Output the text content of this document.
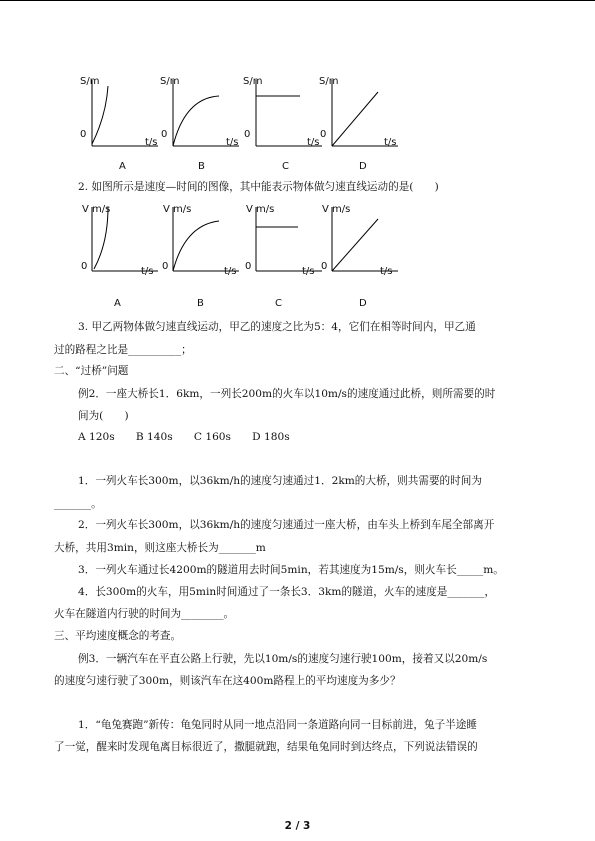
S/m	S/m	S/m	S/m
0	0	0	0
t/s	t/s	t/s	t/s
A	B	C	D
2. 如图所示是速度—时间的图像，其中能表示物体做匀速直线运动的是(　　)
V m/s	V m/s	V m/s	V m/s
0	0	0	0
t/s	t/s	t/s	t/s
A	B	C	D
3. 甲乙两物体做匀速直线运动，甲乙的速度之比为5：4，它们在相等时间内，甲乙通
过的路程之比是__________；
二、“过桥”问题
例2．一座大桥长1．6km，一列长200m的火车以10m/s的速度通过此桥，则所需要的时
间为(　　)
A 120s　　B 140s　　C 160s　　D 180s
1．一列火车长300m，以36km/h的速度匀速通过1．2km的大桥，则共需要的时间为
_______。
2．一列火车长300m，以36km/h的速度匀速通过一座大桥，由车头上桥到车尾全部离开
大桥，共用3min，则这座大桥长为_______m
3．一列火车通过长4200m的隧道用去时间5min，若其速度为15m/s，则火车长_____m。
4．长300m的火车，用5min时间通过了一条长3．3km的隧道，火车的速度是_______，
火车在隧道内行驶的时间为________。
三、平均速度概念的考查。
例3．一辆汽车在平直公路上行驶，先以10m/s的速度匀速行驶100m，接着又以20m/s
的速度匀速行驶了300m，则该汽车在这400m路程上的平均速度为多少？
1．“龟兔赛跑”新传：龟兔同时从同一地点沿同一条道路向同一目标前进，兔子半途睡
了一觉，醒来时发现龟离目标很近了，撒腿就跑，结果龟兔同时到达终点，下列说法错误的
2 / 3
